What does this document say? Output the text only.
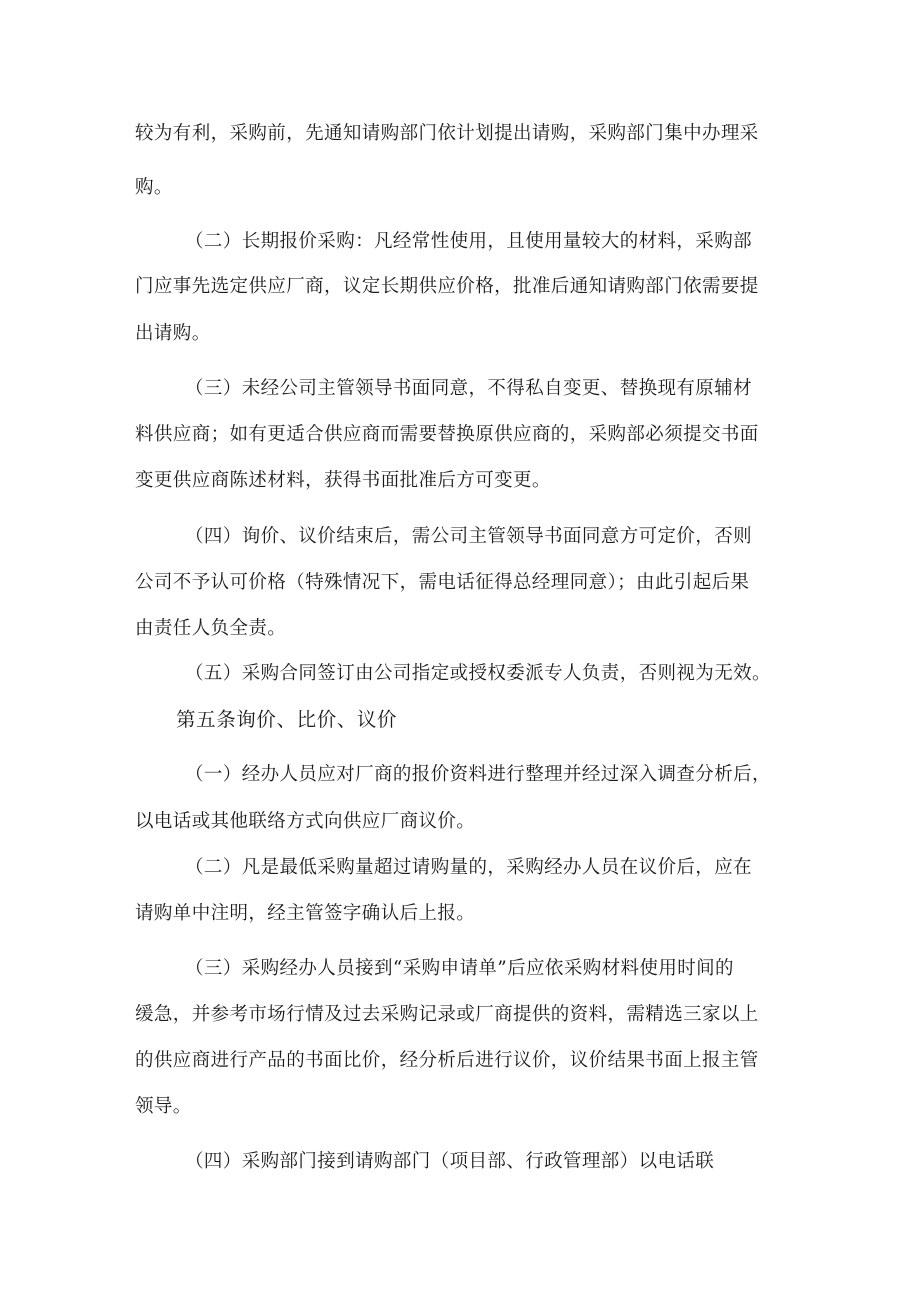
较为有利，采购前，先通知请购部门依计划提出请购，采购部门集中办理采
购。
（二）长期报价采购：凡经常性使用，且使用量较大的材料，采购部
门应事先选定供应厂商，议定长期供应价格，批准后通知请购部门依需要提
出请购。
（三）未经公司主管领导书面同意，不得私自变更、替换现有原辅材
料供应商；如有更适合供应商而需要替换原供应商的，采购部必须提交书面
变更供应商陈述材料，获得书面批准后方可变更。
（四）询价、议价结束后，需公司主管领导书面同意方可定价，否则
公司不予认可价格（特殊情况下，需电话征得总经理同意）；由此引起后果
由责任人负全责。
（五）采购合同签订由公司指定或授权委派专人负责，否则视为无效。
第五条询价、比价、议价
（一）经办人员应对厂商的报价资料进行整理并经过深入调查分析后，
以电话或其他联络方式向供应厂商议价。
（二）凡是最低采购量超过请购量的，采购经办人员在议价后，应在
请购单中注明，经主管签字确认后上报。
（三）采购经办人员接到“采购申请单”后应依采购材料使用时间的
缓急，并参考市场行情及过去采购记录或厂商提供的资料，需精选三家以上
的供应商进行产品的书面比价，经分析后进行议价，议价结果书面上报主管
领导。
（四）采购部门接到请购部门（项目部、行政管理部）以电话联
